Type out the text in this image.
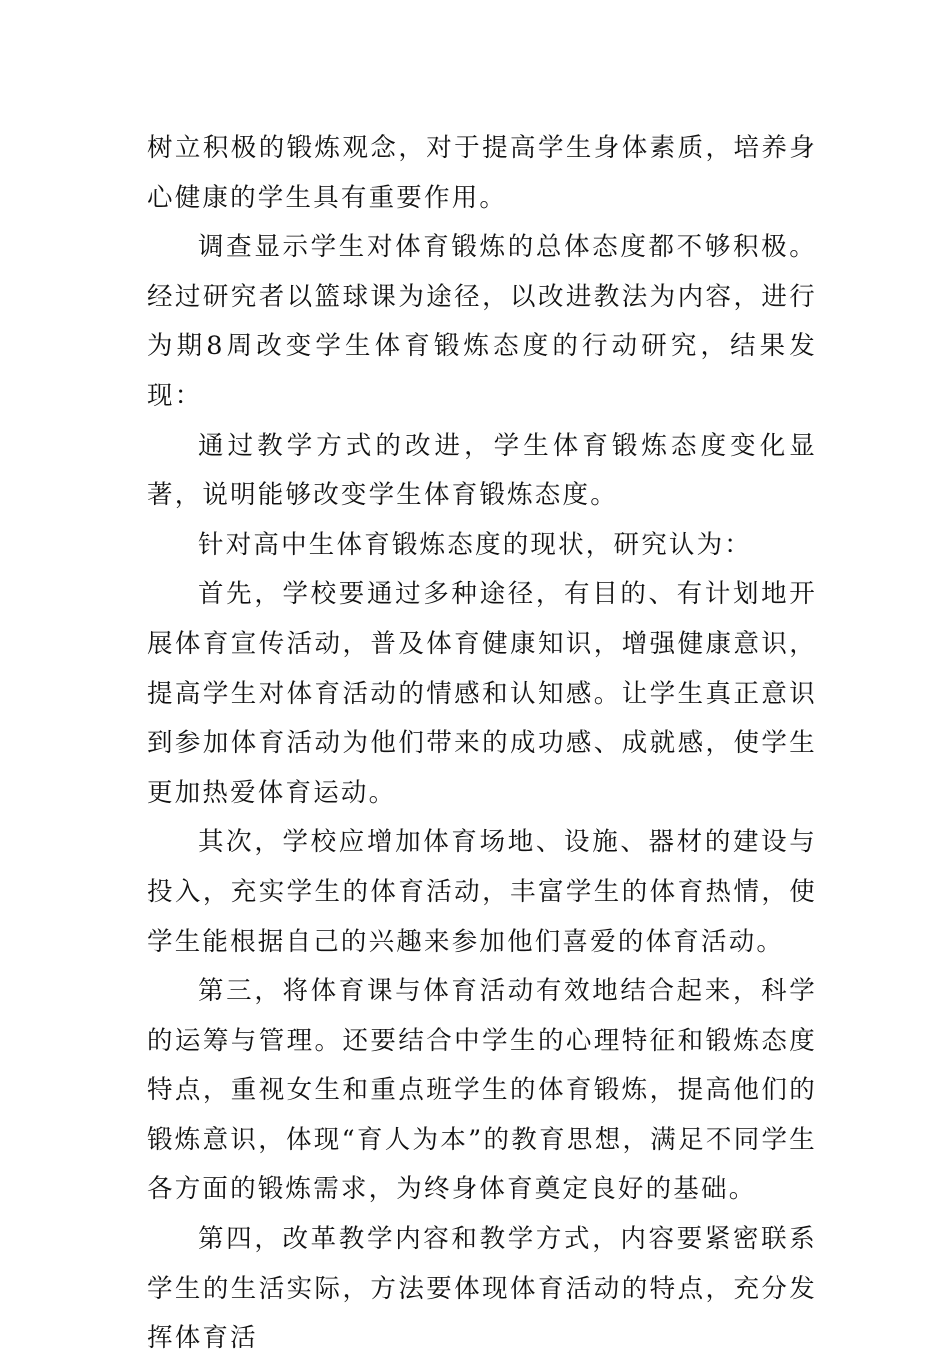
树立积极的锻炼观念，对于提高学生身体素质，培养身心健康的学生具有重要作用。

调查显示学生对体育锻炼的总体态度都不够积极。经过研究者以篮球课为途径，以改进教法为内容，进行为期8周改变学生体育锻炼态度的行动研究，结果发现：

通过教学方式的改进，学生体育锻炼态度变化显著，说明能够改变学生体育锻炼态度。

针对高中生体育锻炼态度的现状，研究认为：

首先，学校要通过多种途径，有目的、有计划地开展体育宣传活动，普及体育健康知识，增强健康意识，提高学生对体育活动的情感和认知感。让学生真正意识到参加体育活动为他们带来的成功感、成就感，使学生更加热爱体育运动。

其次，学校应增加体育场地、设施、器材的建设与投入，充实学生的体育活动，丰富学生的体育热情，使学生能根据自己的兴趣来参加他们喜爱的体育活动。

第三，将体育课与体育活动有效地结合起来，科学的运筹与管理。还要结合中学生的心理特征和锻炼态度特点，重视女生和重点班学生的体育锻炼，提高他们的锻炼意识，体现“育人为本”的教育思想，满足不同学生各方面的锻炼需求，为终身体育奠定良好的基础。

第四，改革教学内容和教学方式，内容要紧密联系学生的生活实际，方法要体现体育活动的特点，充分发挥体育活
